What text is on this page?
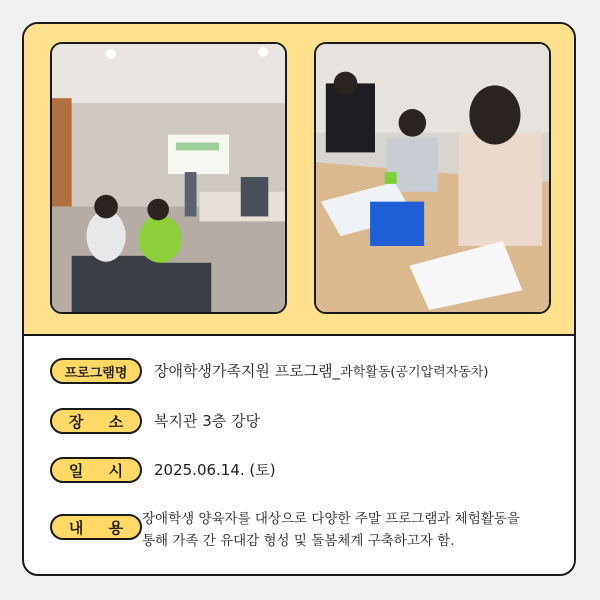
프로그램명	장애학생가족지원 프로그램_과학활동(공기압력자동차)
장 소	복지관 3층 강당
일 시	2025.06.14. (토)
내 용 장애학생 양육자를 대상으로 다양한 주말 프로그램과 체험활동을
통해 가족 간 유대감 형성 및 돌봄체계 구축하고자 함.
